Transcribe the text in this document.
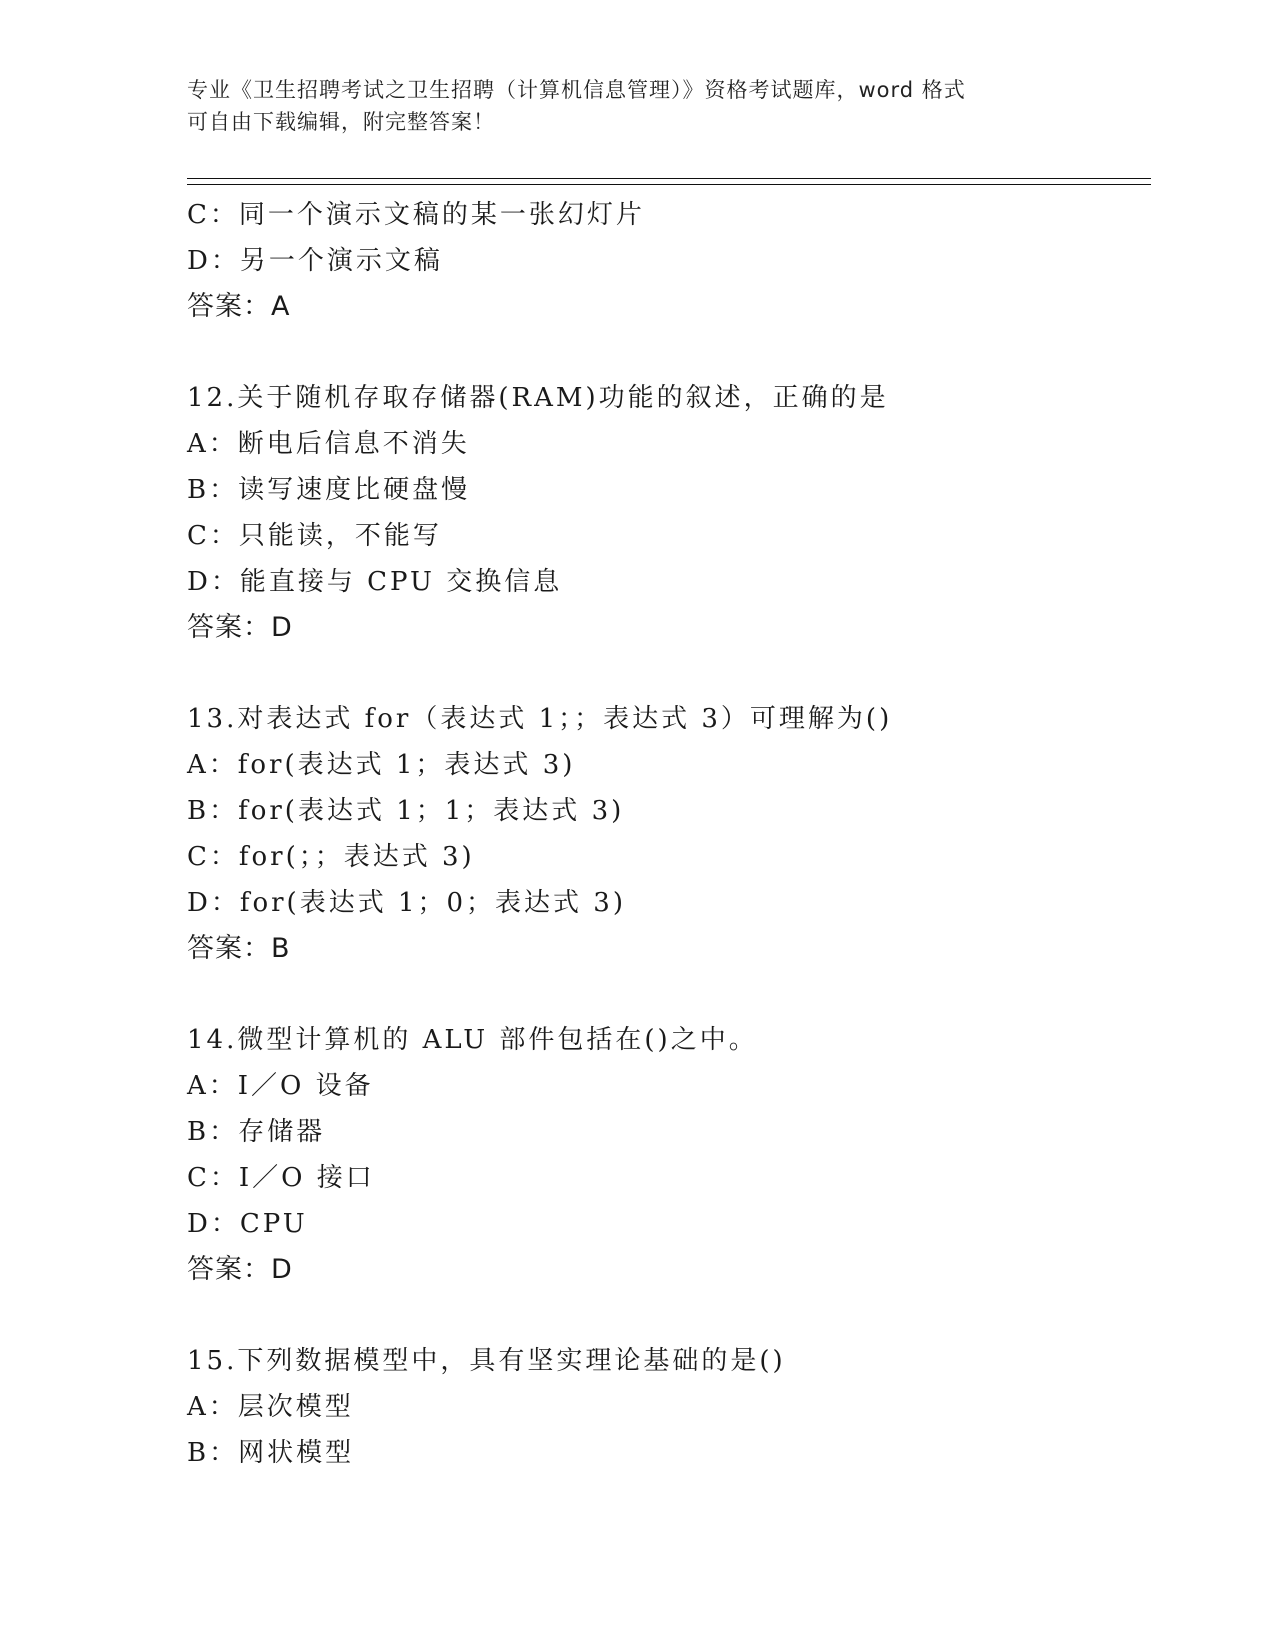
专业《卫生招聘考试之卫生招聘（计算机信息管理）》资格考试题库，word 格式
可自由下载编辑，附完整答案！
C：同一个演示文稿的某一张幻灯片
D：另一个演示文稿
答案：A
12.关于随机存取存储器(RAM)功能的叙述，正确的是
A：断电后信息不消失
B：读写速度比硬盘慢
C：只能读，不能写
D：能直接与 CPU 交换信息
答案：D
13.对表达式 for（表达式 1；；表达式 3）可理解为()
A：for(表达式 1；表达式 3)
B：for(表达式 1；1；表达式 3)
C：for(；；表达式 3)
D：for(表达式 1；0；表达式 3)
答案：B
14.微型计算机的 ALU 部件包括在()之中。
A：I／O 设备
B：存储器
C：I／O 接口
D：CPU
答案：D
15.下列数据模型中，具有坚实理论基础的是()
A：层次模型
B：网状模型
